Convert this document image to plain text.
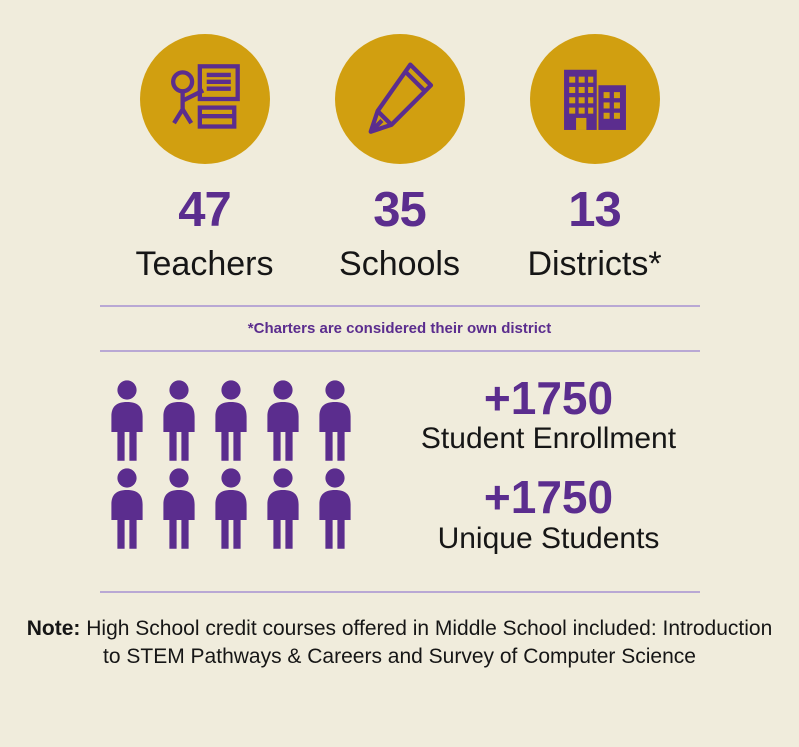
47
Teachers
35
Schools
13
Districts*
*Charters are considered their own district
+1750
Student Enrollment
+1750
Unique Students
Note: High School credit courses offered in Middle School included: Introduction to STEM Pathways & Careers and Survey of Computer Science
